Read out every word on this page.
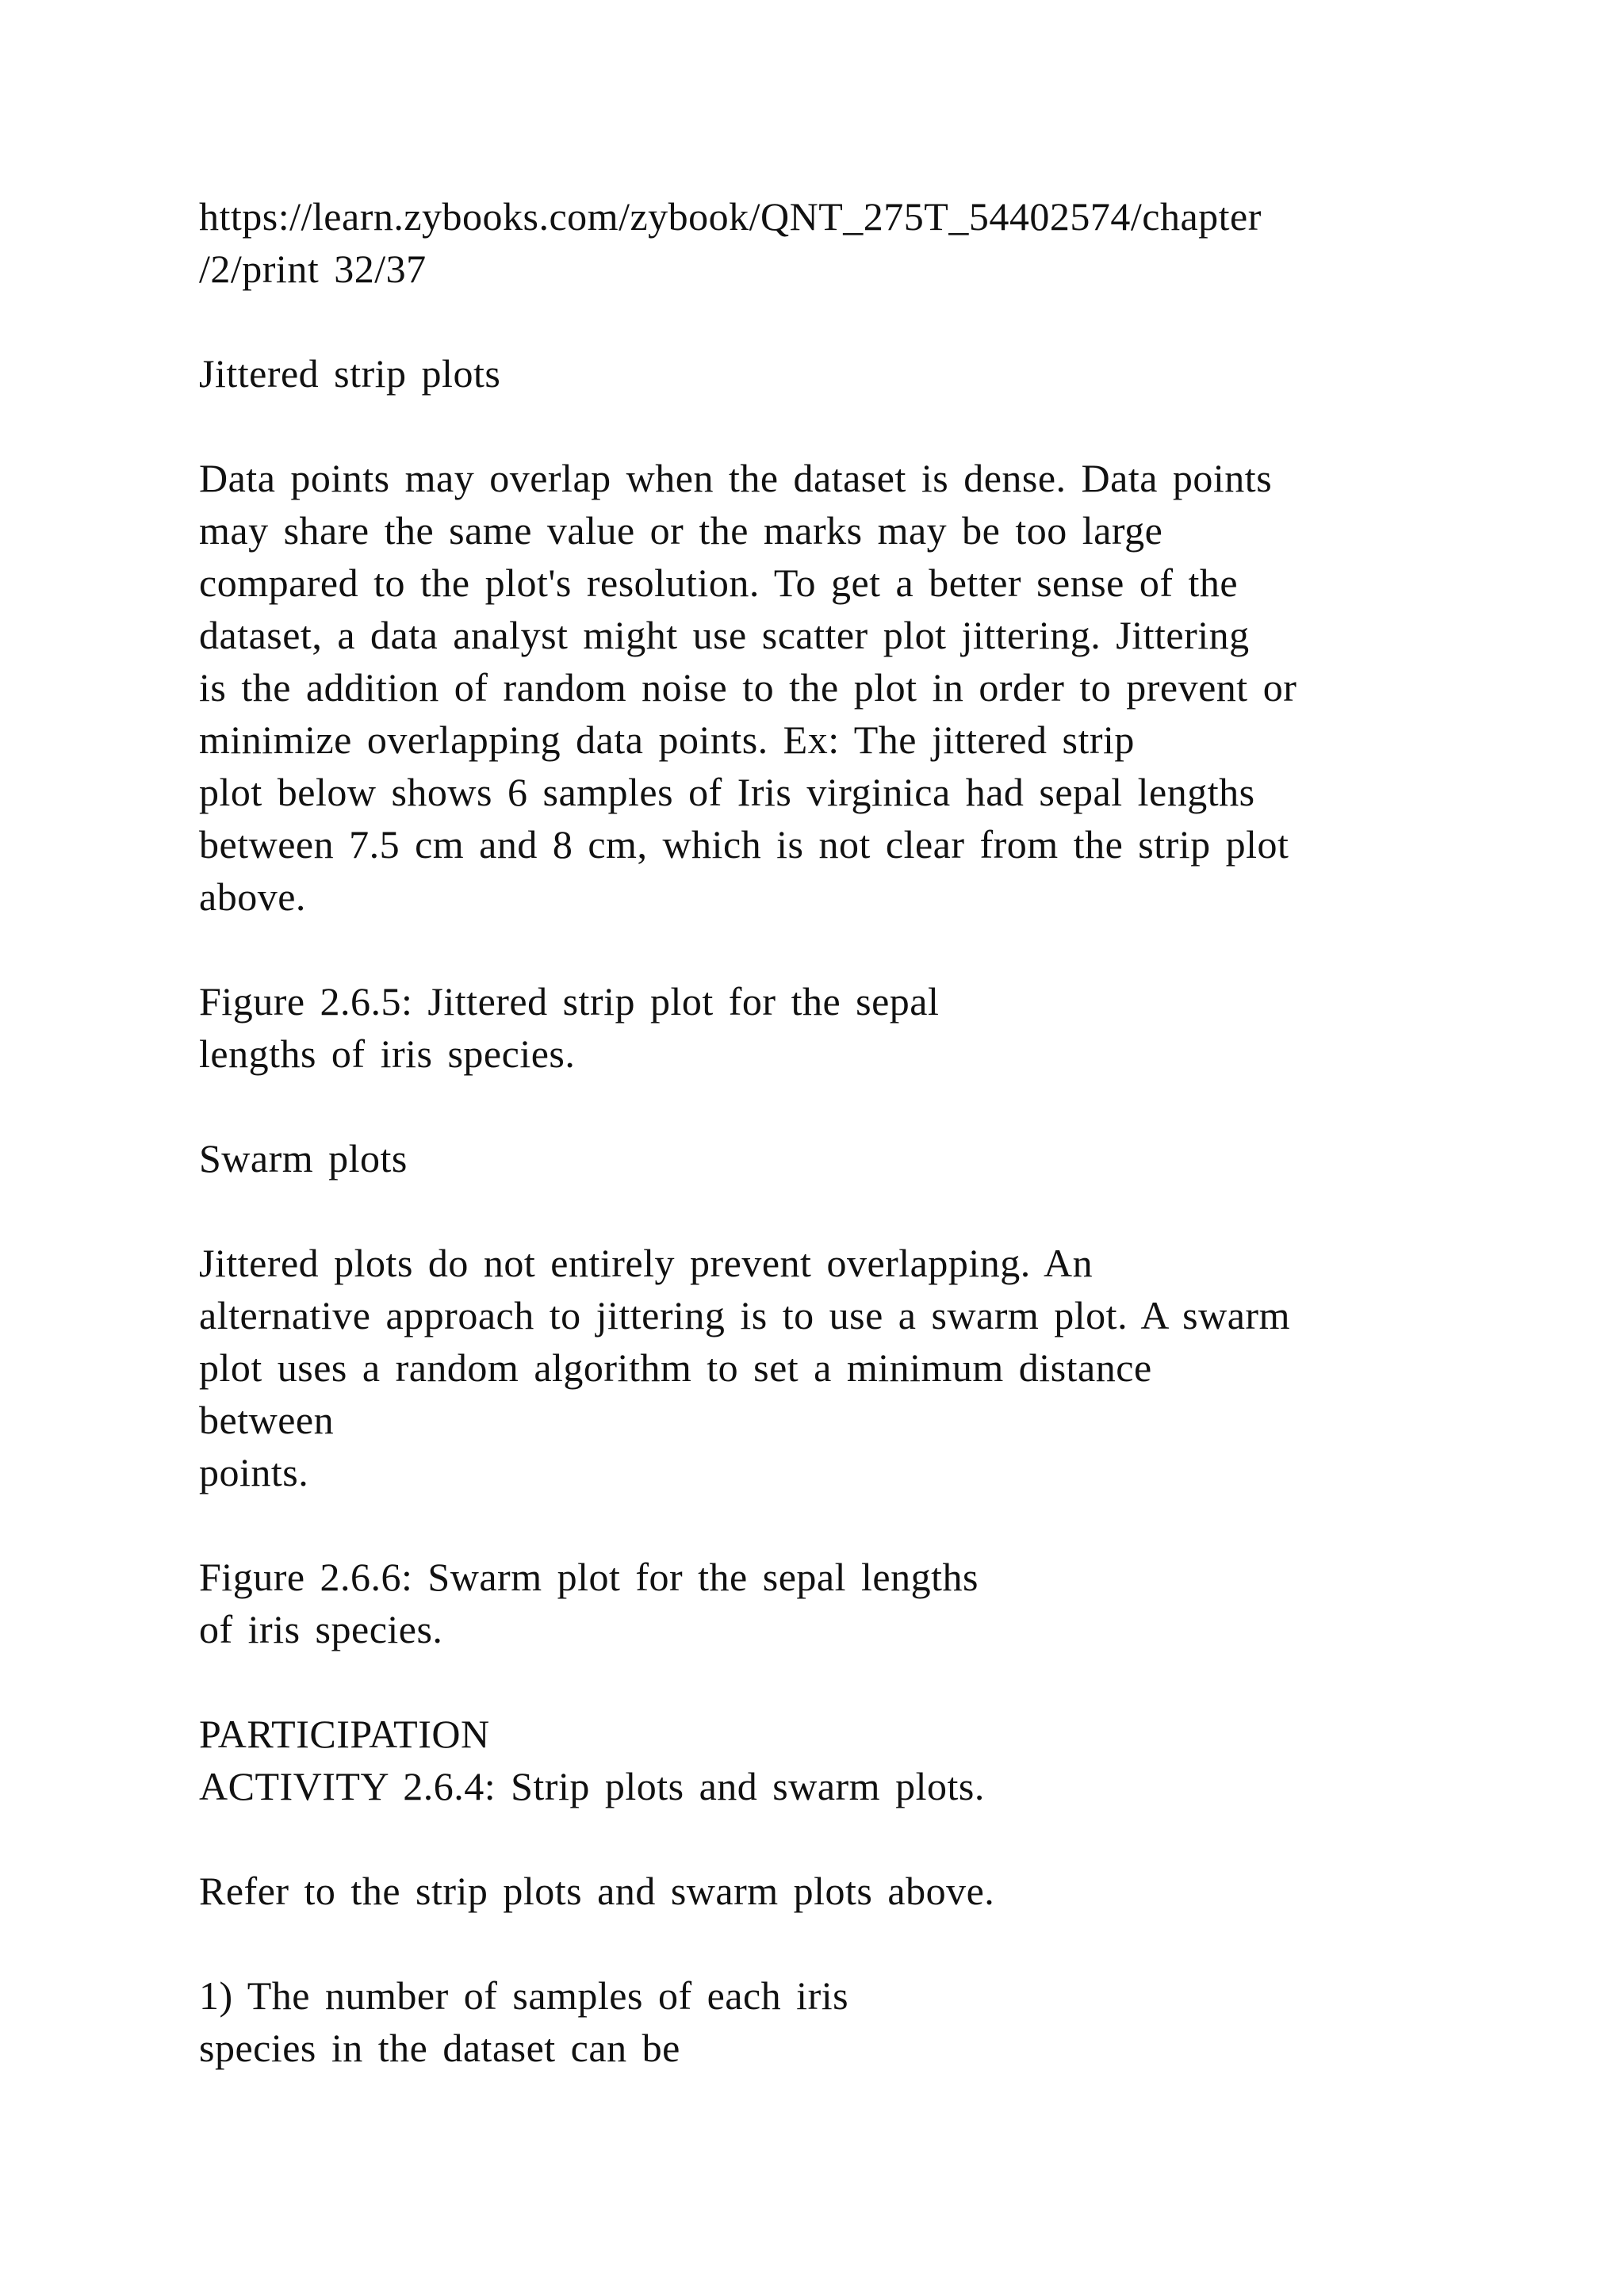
https://learn.zybooks.com/zybook/QNT_275T_54402574/chapter
/2/print 32/37
Jittered strip plots
Data points may overlap when the dataset is dense. Data points
may share the same value or the marks may be too large
compared to the plot's resolution. To get a better sense of the
dataset, a data analyst might use scatter plot jittering. Jittering
is the addition of random noise to the plot in order to prevent or
minimize overlapping data points. Ex: The jittered strip
plot below shows 6 samples of Iris virginica had sepal lengths
between 7.5 cm and 8 cm, which is not clear from the strip plot
above.
Figure 2.6.5: Jittered strip plot for the sepal
lengths of iris species.
Swarm plots
Jittered plots do not entirely prevent overlapping. An
alternative approach to jittering is to use a swarm plot. A swarm
plot uses a random algorithm to set a minimum distance
between
points.
Figure 2.6.6: Swarm plot for the sepal lengths
of iris species.
PARTICIPATION
ACTIVITY 2.6.4: Strip plots and swarm plots.
Refer to the strip plots and swarm plots above.
1) The number of samples of each iris
species in the dataset can be
